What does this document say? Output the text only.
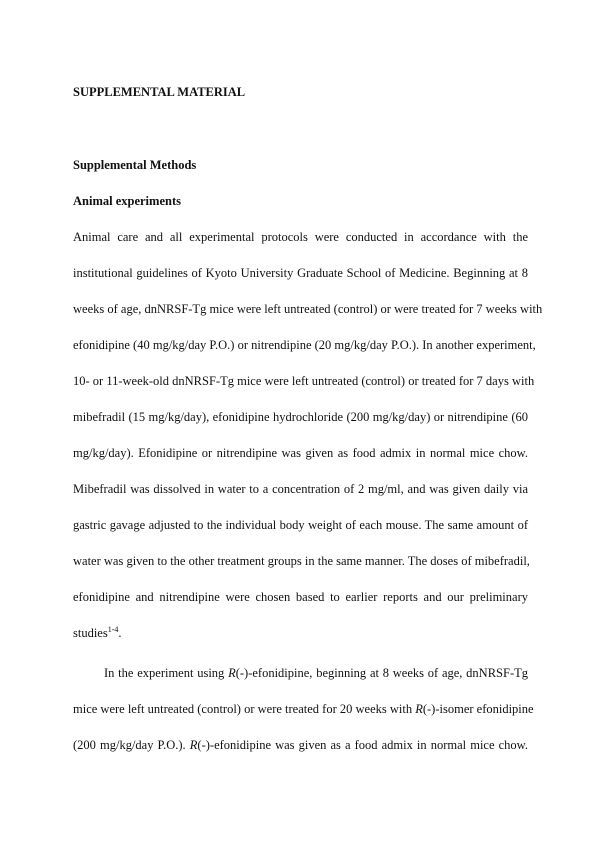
SUPPLEMENTAL MATERIAL
Supplemental Methods
Animal experiments
Animal care and all experimental protocols were conducted in accordance with the
institutional guidelines of Kyoto University Graduate School of Medicine. Beginning at 8
weeks of age, dnNRSF-Tg mice were left untreated (control) or were treated for 7 weeks with
efonidipine (40 mg/kg/day P.O.) or nitrendipine (20 mg/kg/day P.O.). In another experiment,
10- or 11-week-old dnNRSF-Tg mice were left untreated (control) or treated for 7 days with
mibefradil (15 mg/kg/day), efonidipine hydrochloride (200 mg/kg/day) or nitrendipine (60
mg/kg/day). Efonidipine or nitrendipine was given as food admix in normal mice chow.
Mibefradil was dissolved in water to a concentration of 2 mg/ml, and was given daily via
gastric gavage adjusted to the individual body weight of each mouse. The same amount of
water was given to the other treatment groups in the same manner. The doses of mibefradil,
efonidipine and nitrendipine were chosen based to earlier reports and our preliminary
studies$^{1-4}$.
In the experiment using R(-)-efonidipine, beginning at 8 weeks of age, dnNRSF-Tg
mice were left untreated (control) or were treated for 20 weeks with R(-)-isomer efonidipine
(200 mg/kg/day P.O.). R(-)-efonidipine was given as a food admix in normal mice chow.
